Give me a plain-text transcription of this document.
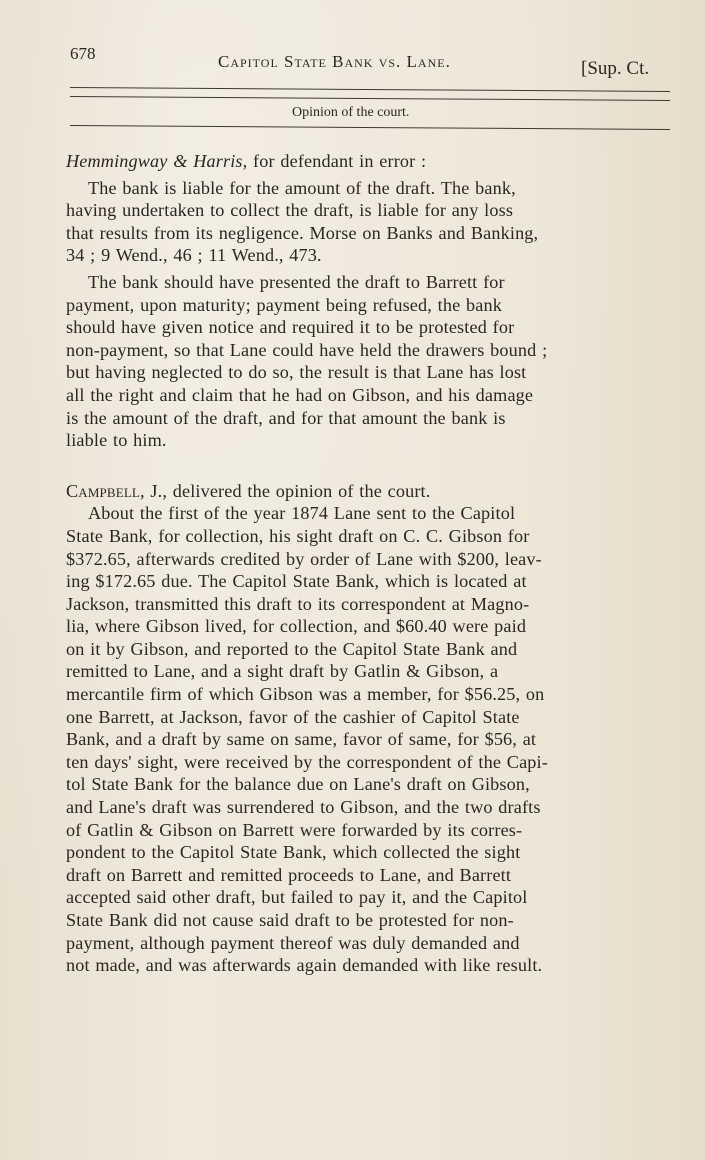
678	Capitol State Bank vs. Lane.	[Sup. Ct.
Opinion of the court.

Hemmingway & Harris, for defendant in error :

The bank is liable for the amount of the draft. The bank,

having undertaken to collect the draft, is liable for any loss

that results from its negligence. Morse on Banks and Banking,

34 ; 9 Wend., 46 ; 11 Wend., 473.

The bank should have presented the draft to Barrett for

payment, upon maturity; payment being refused, the bank

should have given notice and required it to be protested for

non-payment, so that Lane could have held the drawers bound ;

but having neglected to do so, the result is that Lane has lost

all the right and claim that he had on Gibson, and his damage

is the amount of the draft, and for that amount the bank is

liable to him.

Campbell, J., delivered the opinion of the court.

About the first of the year 1874 Lane sent to the Capitol

State Bank, for collection, his sight draft on C. C. Gibson for

$372.65, afterwards credited by order of Lane with $200, leav-

ing $172.65 due. The Capitol State Bank, which is located at

Jackson, transmitted this draft to its correspondent at Magno-

lia, where Gibson lived, for collection, and $60.40 were paid

on it by Gibson, and reported to the Capitol State Bank and

remitted to Lane, and a sight draft by Gatlin & Gibson, a

mercantile firm of which Gibson was a member, for $56.25, on

one Barrett, at Jackson, favor of the cashier of Capitol State

Bank, and a draft by same on same, favor of same, for $56, at

ten days' sight, were received by the correspondent of the Capi-

tol State Bank for the balance due on Lane's draft on Gibson,

and Lane's draft was surrendered to Gibson, and the two drafts

of Gatlin & Gibson on Barrett were forwarded by its corres-

pondent to the Capitol State Bank, which collected the sight

draft on Barrett and remitted proceeds to Lane, and Barrett

accepted said other draft, but failed to pay it, and the Capitol

State Bank did not cause said draft to be protested for non-

payment, although payment thereof was duly demanded and

not made, and was afterwards again demanded with like result.
